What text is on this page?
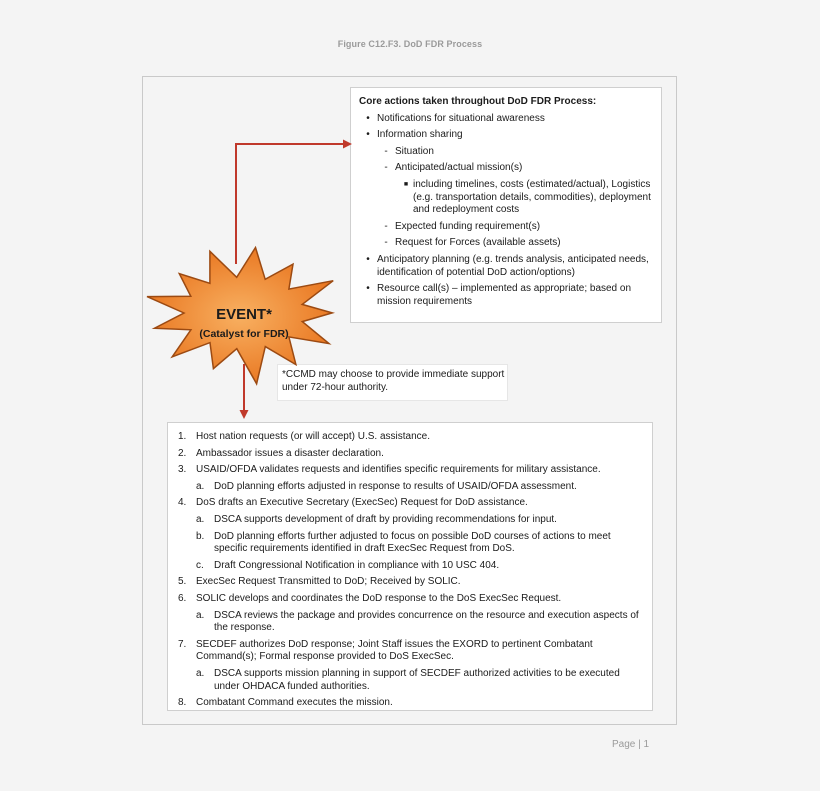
Figure C12.F3. DoD FDR Process
Core actions taken throughout DoD FDR Process:
• Notifications for situational awareness
• Information sharing
- Situation
- Anticipated/actual mission(s)
■ including timelines, costs (estimated/actual), Logistics (e.g. transportation details, commodities), deployment and redeployment costs
- Expected funding requirement(s)
- Request for Forces (available assets)
• Anticipatory planning (e.g. trends analysis, anticipated needs, identification of potential DoD action/options)
• Resource call(s) – implemented as appropriate; based on mission requirements
*CCMD may choose to provide immediate support under 72-hour authority.
1. Host nation requests (or will accept) U.S. assistance.
2. Ambassador issues a disaster declaration.
3. USAID/OFDA validates requests and identifies specific requirements for military assistance.
a. DoD planning efforts adjusted in response to results of USAID/OFDA assessment.
4. DoS drafts an Executive Secretary (ExecSec) Request for DoD assistance.
a. DSCA supports development of draft by providing recommendations for input.
b. DoD planning efforts further adjusted to focus on possible DoD courses of actions to meet specific requirements identified in draft ExecSec Request from DoS.
c.	Draft Congressional Notification in compliance with 10 USC 404.
5. ExecSec Request Transmitted to DoD; Received by SOLIC.
6. SOLIC develops and coordinates the DoD response to the DoS ExecSec Request.
a. DSCA reviews the package and provides concurrence on the resource and execution aspects of the response.
7. SECDEF authorizes DoD response; Joint Staff issues the EXORD to pertinent Combatant Command(s); Formal response provided to DoS ExecSec.
a. DSCA supports mission planning in support of SECDEF authorized activities to be executed under OHDACA funded authorities.
8. Combatant Command executes the mission.
EVENT*
(Catalyst for FDR)
Page | 1
